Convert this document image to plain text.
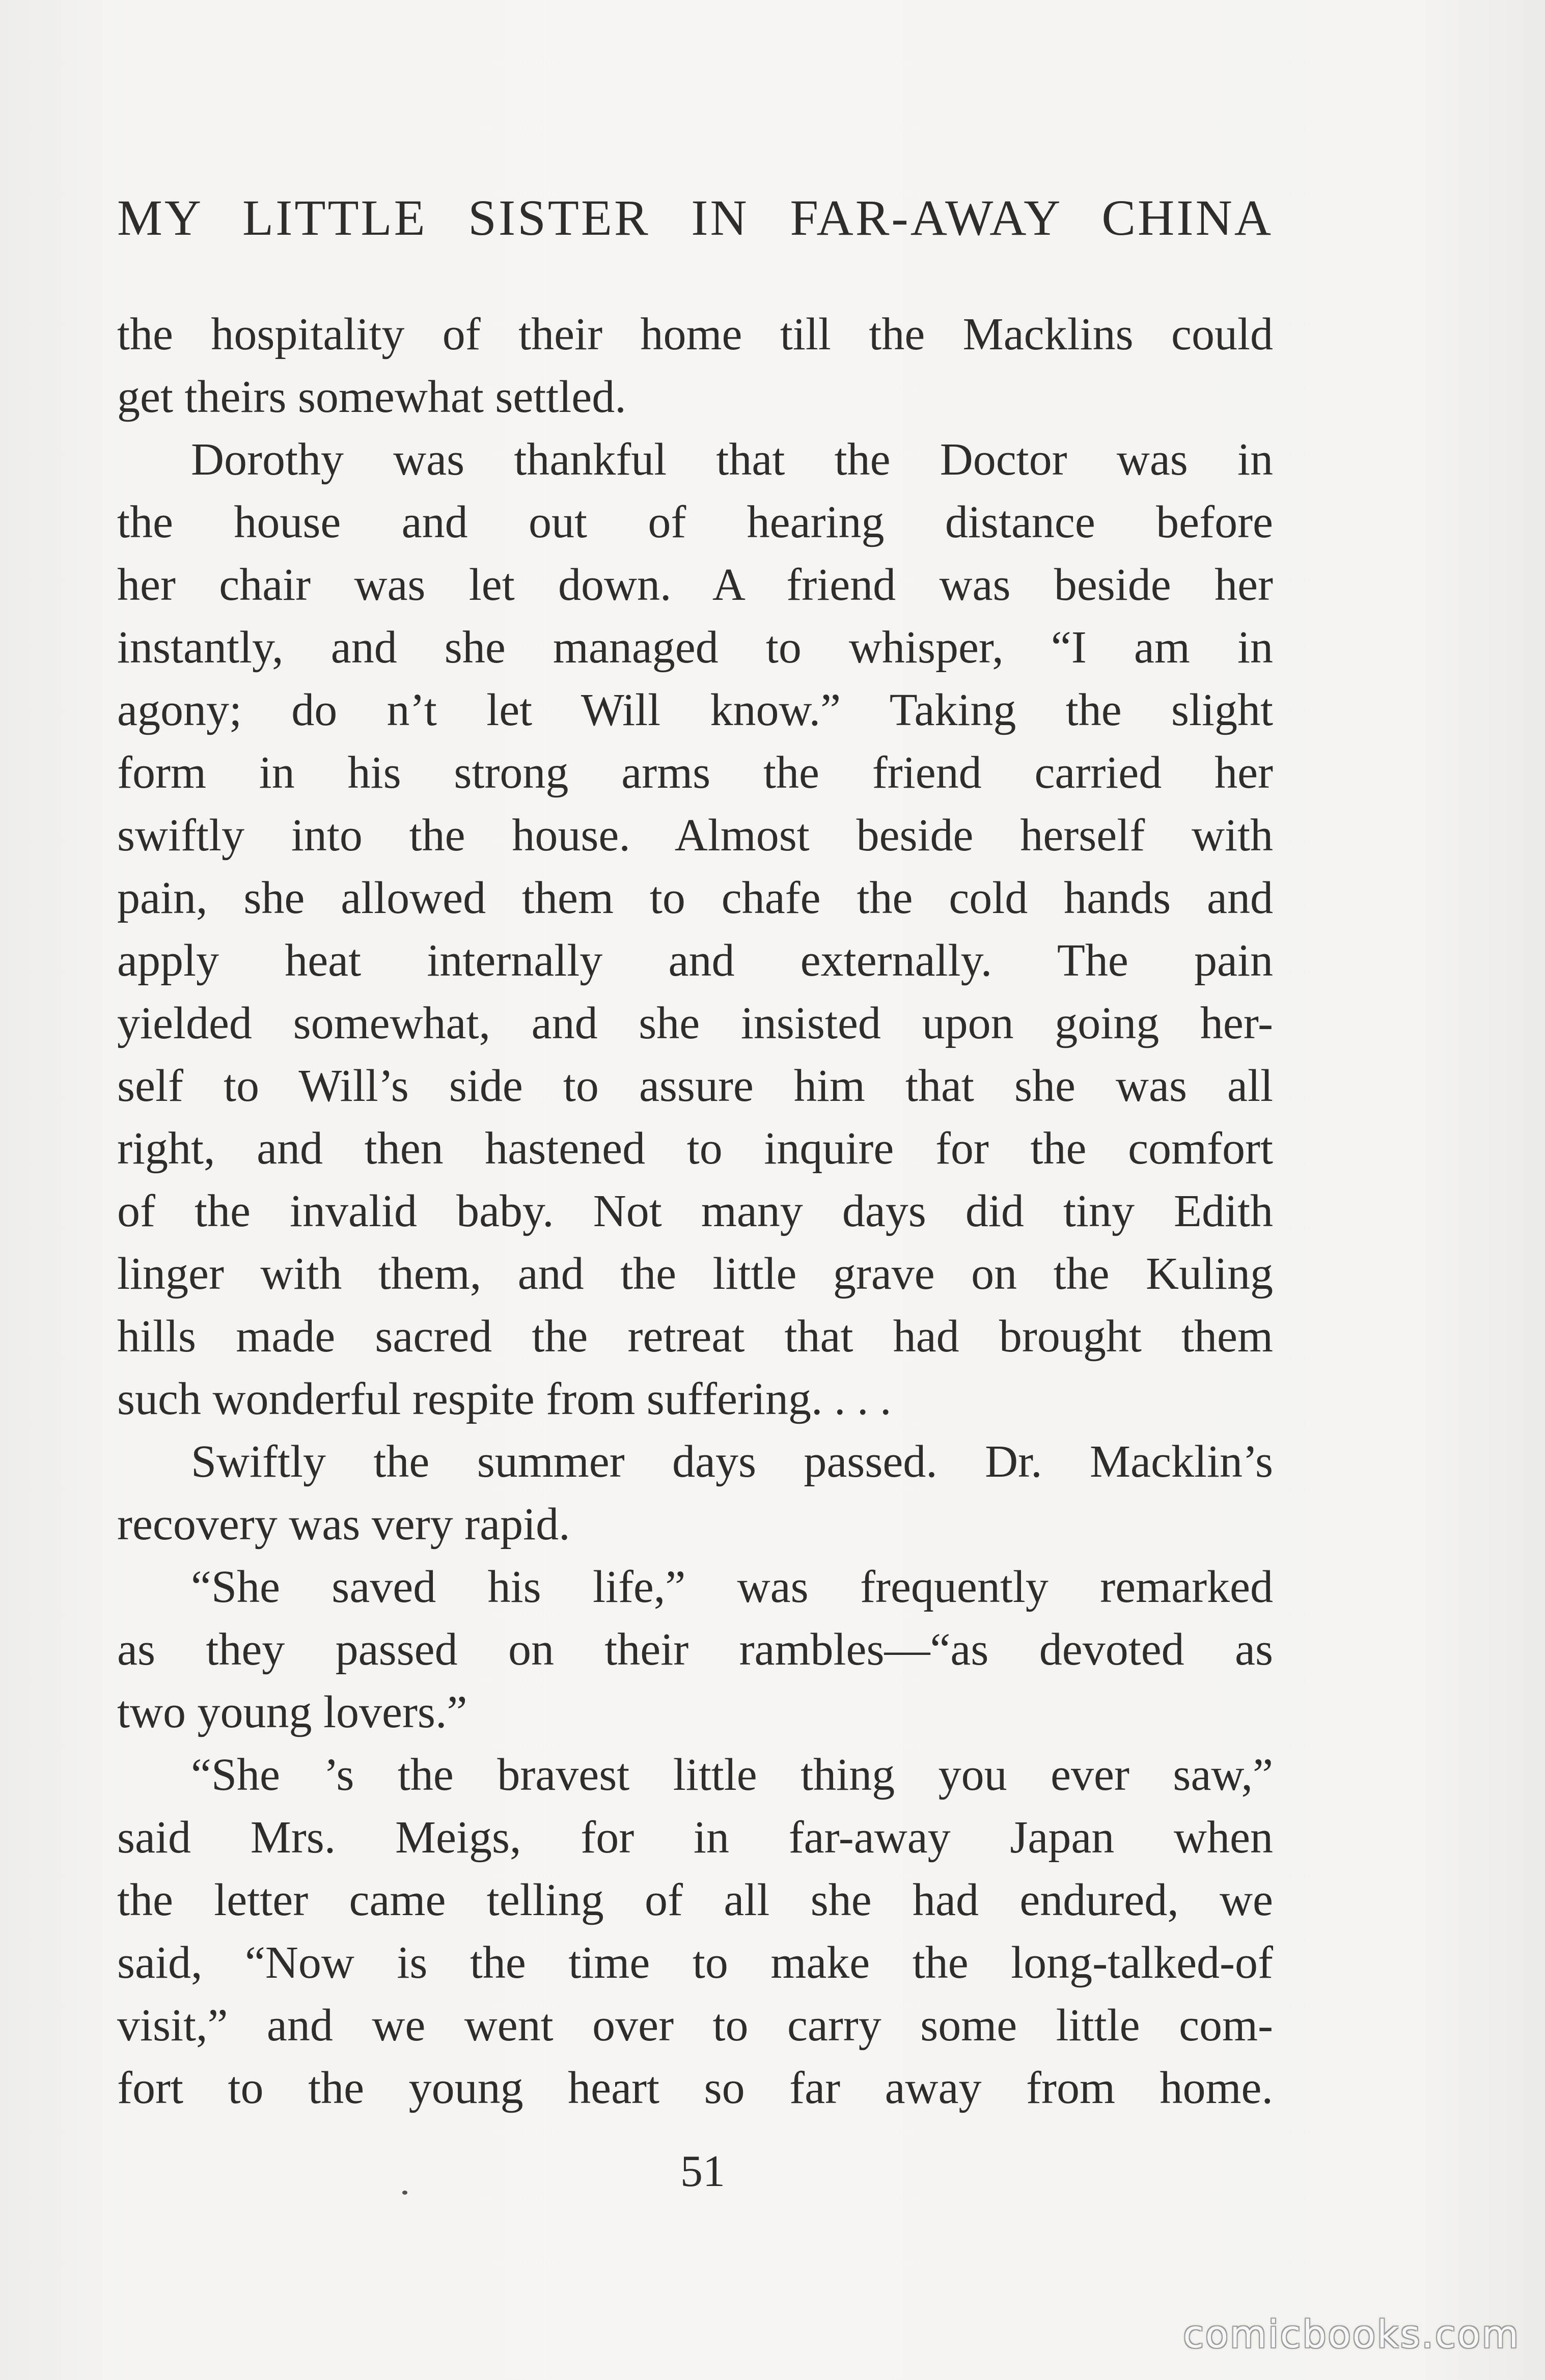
MY LITTLE SISTER IN FAR-AWAY CHINA
the hospitality of their home till the Macklins could
get theirs somewhat settled.
Dorothy was thankful that the Doctor was in
the house and out of hearing distance before
her chair was let down. A friend was beside her
instantly, and she managed to whisper, “I am in
agony; do n’t let Will know.” Taking the slight
form in his strong arms the friend carried her
swiftly into the house. Almost beside herself with
pain, she allowed them to chafe the cold hands and
apply heat internally and externally. The pain
yielded somewhat, and she insisted upon going her-
self to Will’s side to assure him that she was all
right, and then hastened to inquire for the comfort
of the invalid baby. Not many days did tiny Edith
linger with them, and the little grave on the Kuling
hills made sacred the retreat that had brought them
such wonderful respite from suffering. . . .
Swiftly the summer days passed. Dr. Macklin’s
recovery was very rapid.
“She saved his life,” was frequently remarked
as they passed on their rambles—“as devoted as
two young lovers.”
“She ’s the bravest little thing you ever saw,”
said Mrs. Meigs, for in far-away Japan when
the letter came telling of all she had endured, we
said, “Now is the time to make the long-talked-of
visit,” and we went over to carry some little com-
fort to the young heart so far away from home.
51
comicbooks.com
